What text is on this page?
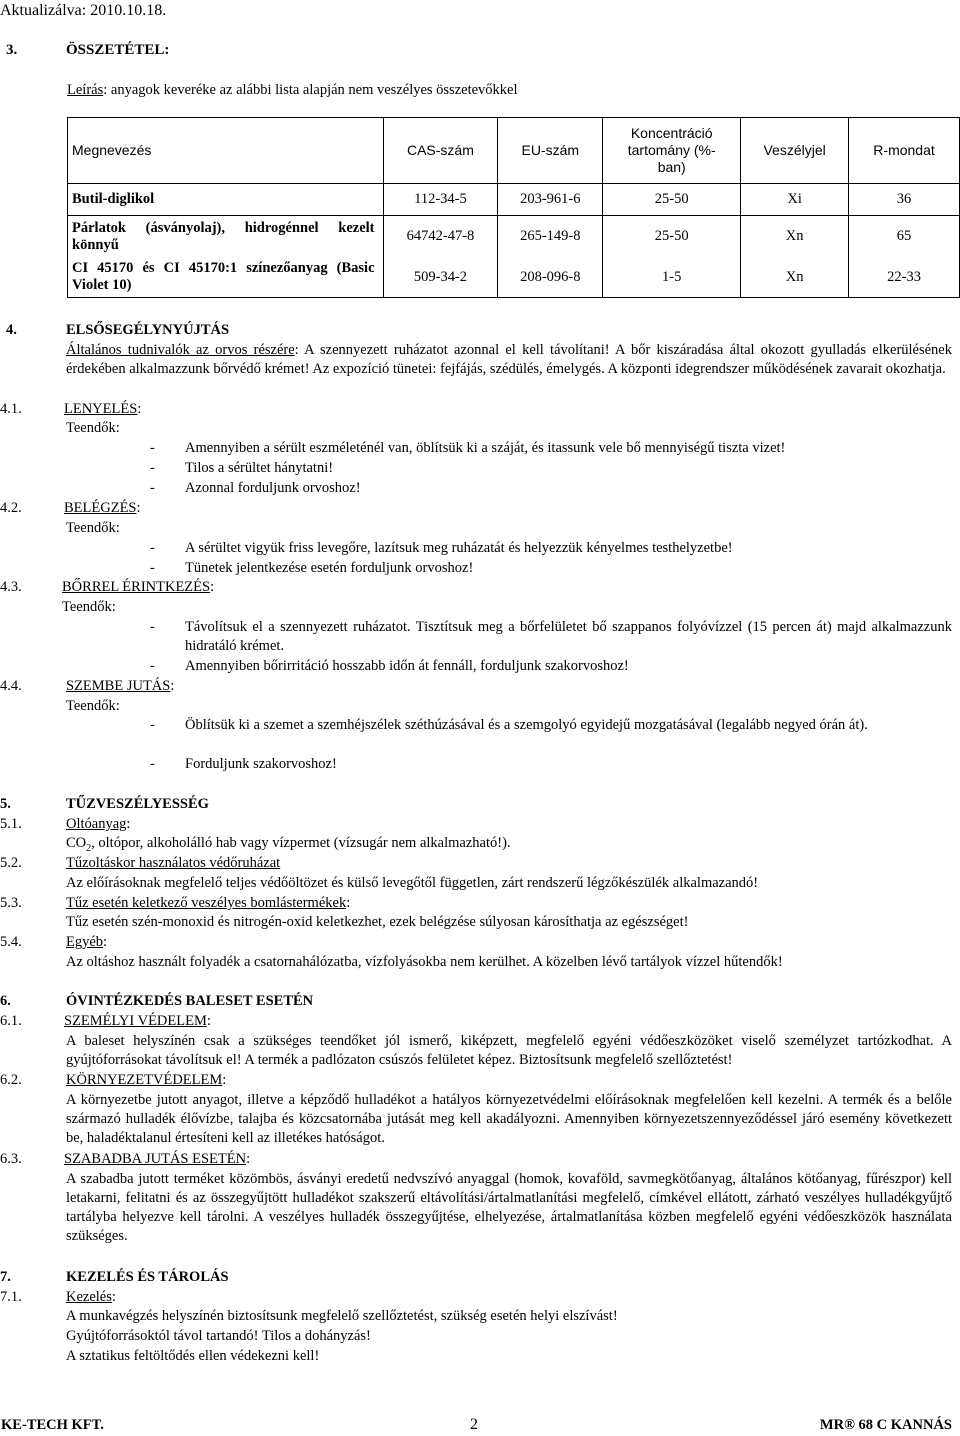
Aktualizálva: 2010.10.18.
3.	ÖSSZETÉTEL:
Leírás: anyagok keveréke az alábbi lista alapján nem veszélyes összetevőkkel
Megnevezés	CAS-szám	EU-szám	Koncentráció tartomány (%-ban)	Veszélyjel	R-mondat
Butil-diglikol	112-34-5	203-961-6	25-50	Xi	36
Párlatok (ásványolaj), hidrogénnel kezelt könnyű	64742-47-8	265-149-8	25-50	Xn	65
CI 45170 és CI 45170:1 színezőanyag (Basic Violet 10)	509-34-2	208-096-8	1-5	Xn	22-33
4.	ELSŐSEGÉLYNYÚJTÁS
Általános tudnivalók az orvos részére: A szennyezett ruházatot azonnal el kell távolítani! A bőr kiszáradása által okozott gyulladás elkerülésének érdekében alkalmazzunk bőrvédő krémet! Az expozíció tünetei: fejfájás, szédülés, émelygés. A központi idegrendszer működésének zavarait okozhatja.
4.1.	LENYELÉS:
Teendők:
- Amennyiben a sérült eszméleténél van, öblítsük ki a száját, és itassunk vele bő mennyiségű tiszta vizet!
- Tilos a sérültet hánytatni!
- Azonnal forduljunk orvoshoz!
4.2.	BELÉGZÉS:
Teendők:
- A sérültet vigyük friss levegőre, lazítsuk meg ruházatát és helyezzük kényelmes testhelyzetbe!
- Tünetek jelentkezése esetén forduljunk orvoshoz!
4.3.	BŐRREL ÉRINTKEZÉS:
Teendők:
- Távolítsuk el a szennyezett ruházatot. Tisztítsuk meg a bőrfelületet bő szappanos folyóvízzel (15 percen át) majd alkalmazzunk hidratáló krémet.
- Amennyiben bőrirritáció hosszabb időn át fennáll, forduljunk szakorvoshoz!
4.4.	SZEMBE JUTÁS:
Teendők:
- Öblítsük ki a szemet a szemhéjszélek széthúzásával és a szemgolyó egyidejű mozgatásával (legalább negyed órán át).
- Forduljunk szakorvoshoz!
5.	TŰZVESZÉLYESSÉG
5.1.	Oltóanyag:
$CO_2$, oltópor, alkoholálló hab vagy vízpermet (vízsugár nem alkalmazható!).
5.2.	Tűzoltáskor használatos védőruházat
Az előírásoknak megfelelő teljes védőöltözet és külső levegőtől független, zárt rendszerű légzőkészülék alkalmazandó!
5.3.	Tűz esetén keletkező veszélyes bomlástermékek:
Tűz esetén szén-monoxid és nitrogén-oxid keletkezhet, ezek belégzése súlyosan károsíthatja az egészséget!
5.4.	Egyéb:
Az oltáshoz használt folyadék a csatornahálózatba, vízfolyásokba nem kerülhet. A közelben lévő tartályok vízzel hűtendők!
6.	ÓVINTÉZKEDÉS BALESET ESETÉN
6.1.	SZEMÉLYI VÉDELEM:
A baleset helyszínén csak a szükséges teendőket jól ismerő, kiképzett, megfelelő egyéni védőeszközöket viselő személyzet tartózkodhat. A gyújtóforrásokat távolítsuk el! A termék a padlózaton csúszós felületet képez. Biztosítsunk megfelelő szellőztetést!
6.2.	KÖRNYEZETVÉDELEM:
A környezetbe jutott anyagot, illetve a képződő hulladékot a hatályos környezetvédelmi előírásoknak megfelelően kell kezelni. A termék és a belőle származó hulladék élővízbe, talajba és közcsatornába jutását meg kell akadályozni. Amennyiben környezetszennyeződéssel járó esemény következett be, haladéktalanul értesíteni kell az illetékes hatóságot.
6.3.	SZABADBA JUTÁS ESETÉN:
A szabadba jutott terméket közömbös, ásványi eredetű nedvszívó anyaggal (homok, kovaföld, savmegkötőanyag, általános kötőanyag, fűrészpor) kell letakarni, felitatni és az összegyűjtött hulladékot szakszerű eltávolítási/ártalmatlanítási megfelelő, címkével ellátott, zárható veszélyes hulladékgyűjtő tartályba helyezve kell tárolni. A veszélyes hulladék összegyűjtése, elhelyezése, ártalmatlanítása közben megfelelő egyéni védőeszközök használata szükséges.
7.	KEZELÉS ÉS TÁROLÁS
7.1.	Kezelés:
A munkavégzés helyszínén biztosítsunk megfelelő szellőztetést, szükség esetén helyi elszívást!
Gyújtóforrásoktól távol tartandó! Tilos a dohányzás!
A sztatikus feltöltődés ellen védekezni kell!
KE-TECH KFT.	2	MR® 68 C KANNÁS
